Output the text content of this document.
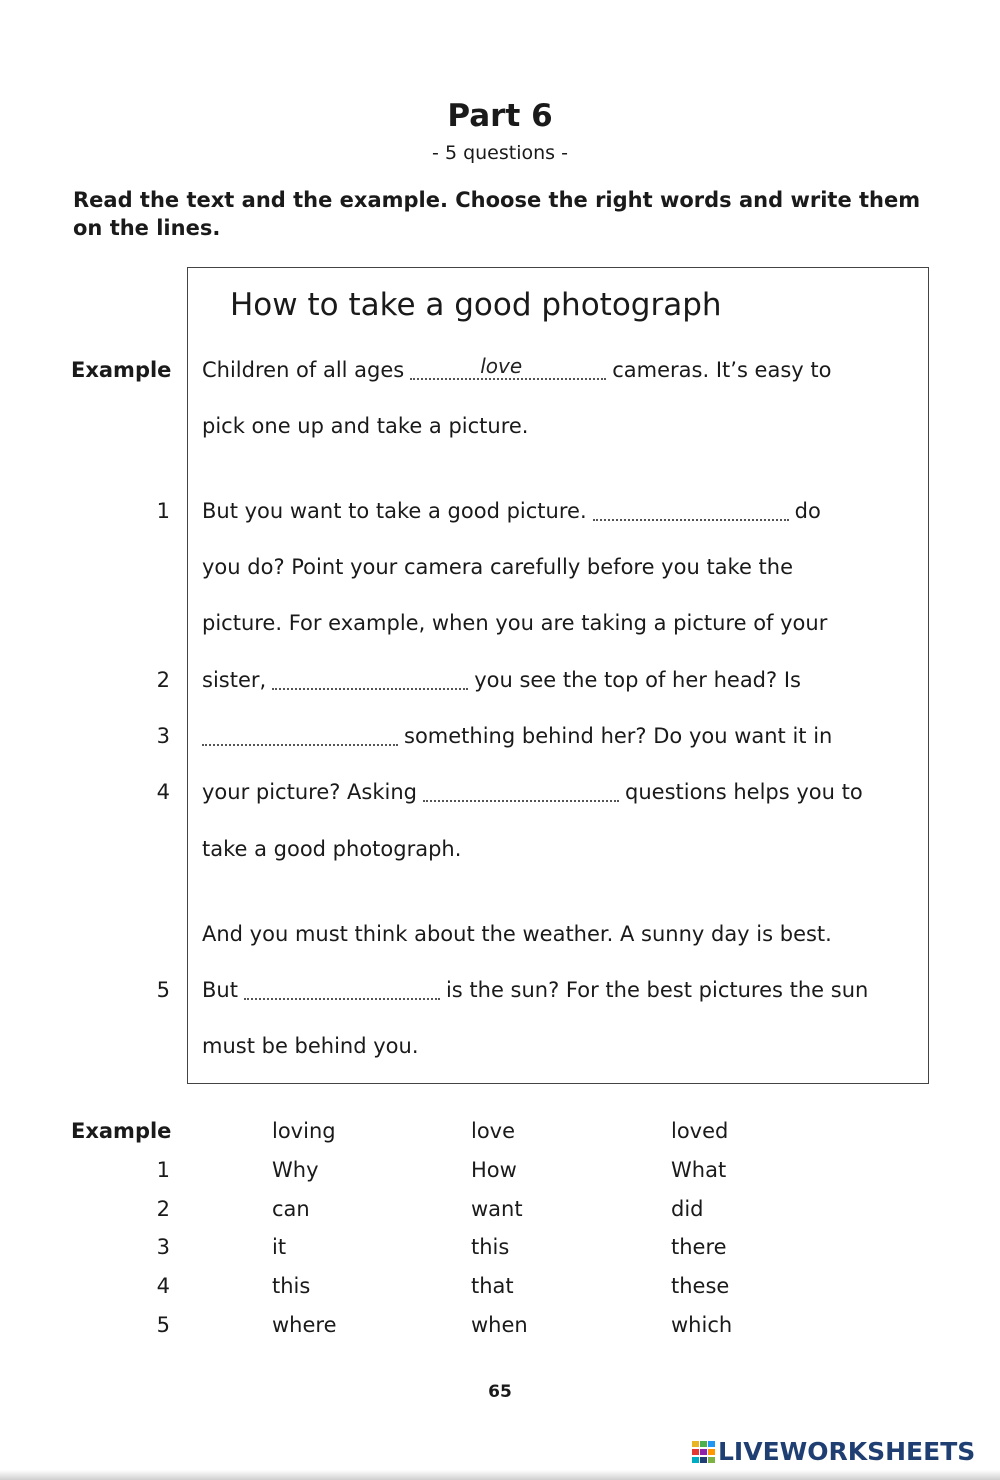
Part 6
- 5 questions -
Read the text and the example. Choose the right words and write them on the lines.
How to take a good photograph
Example Children of all ages	love	cameras. It’s easy to
pick one up and take a picture.
1 But you want to take a good picture.	do
you do? Point your camera carefully before you take the
picture. For example, when you are taking a picture of your
2 sister,	you see the top of her head? Is
3	something behind her? Do you want it in
4 your picture? Asking	questions helps you to
take a good photograph.
And you must think about the weather. A sunny day is best.
5 But	is the sun? For the best pictures the sun
must be behind you.
Example	loving	love	loved
1	Why	How	What
2	can	want	did
3	it	this	there
4	this	that	these
5	where	when	which
65
LIVEWORKSHEETS
